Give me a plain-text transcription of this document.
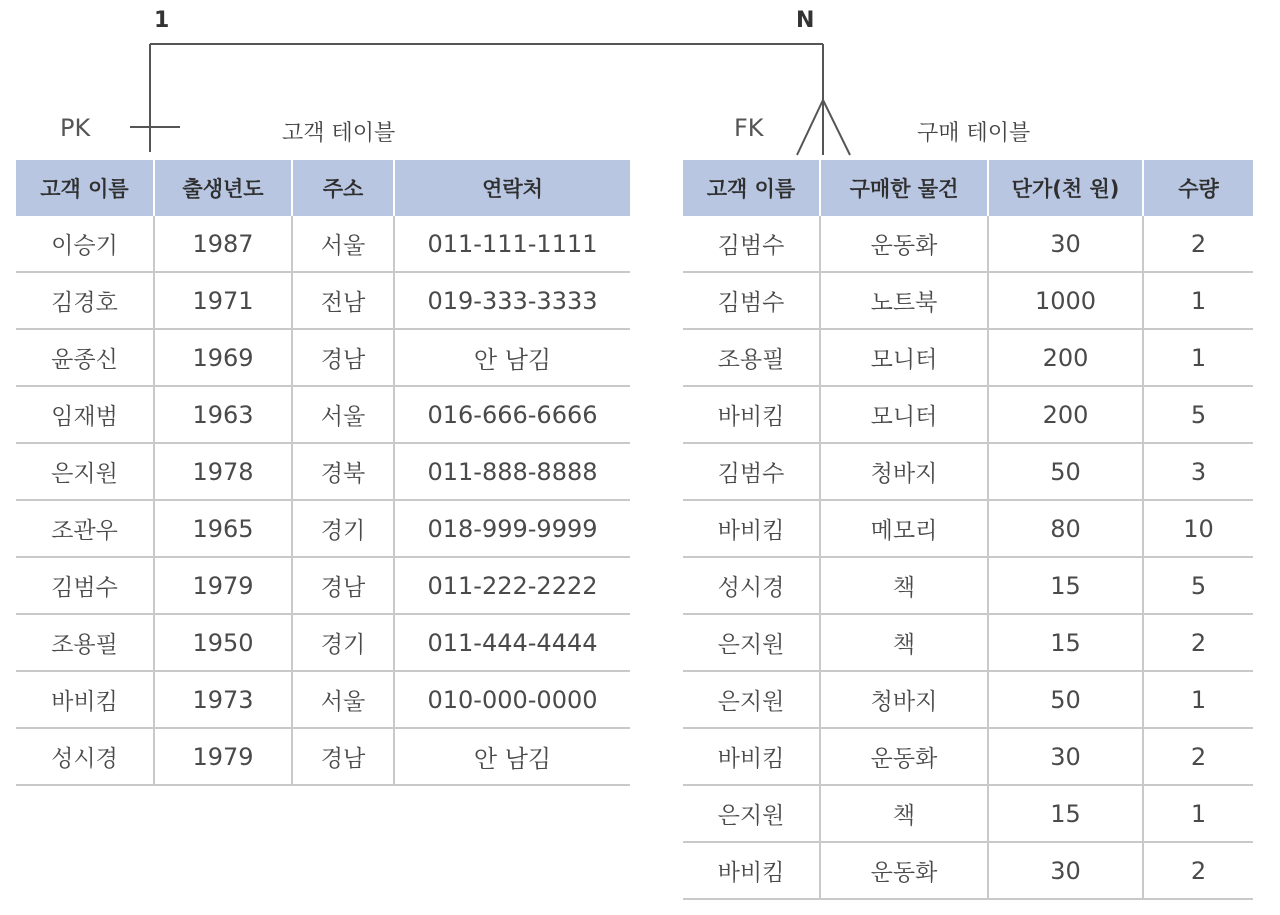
1	N
PK	FK
고객 테이블	구매 테이블
고객 이름	출생년도	주소	연락처
이승기	1987	서울	011-111-1111
김경호	1971	전남	019-333-3333
윤종신	1969	경남	안 남김
임재범	1963	서울	016-666-6666
은지원	1978	경북	011-888-8888
조관우	1965	경기	018-999-9999
김범수	1979	경남	011-222-2222
조용필	1950	경기	011-444-4444
바비킴	1973	서울	010-000-0000
성시경	1979	경남	안 남김
고객 이름	구매한 물건	단가(천 원)	수량
김범수	운동화	30	2
김범수	노트북	1000	1
조용필	모니터	200	1
바비킴	모니터	200	5
김범수	청바지	50	3
바비킴	메모리	80	10
성시경	책	15	5
은지원	책	15	2
은지원	청바지	50	1
바비킴	운동화	30	2
은지원	책	15	1
바비킴	운동화	30	2
